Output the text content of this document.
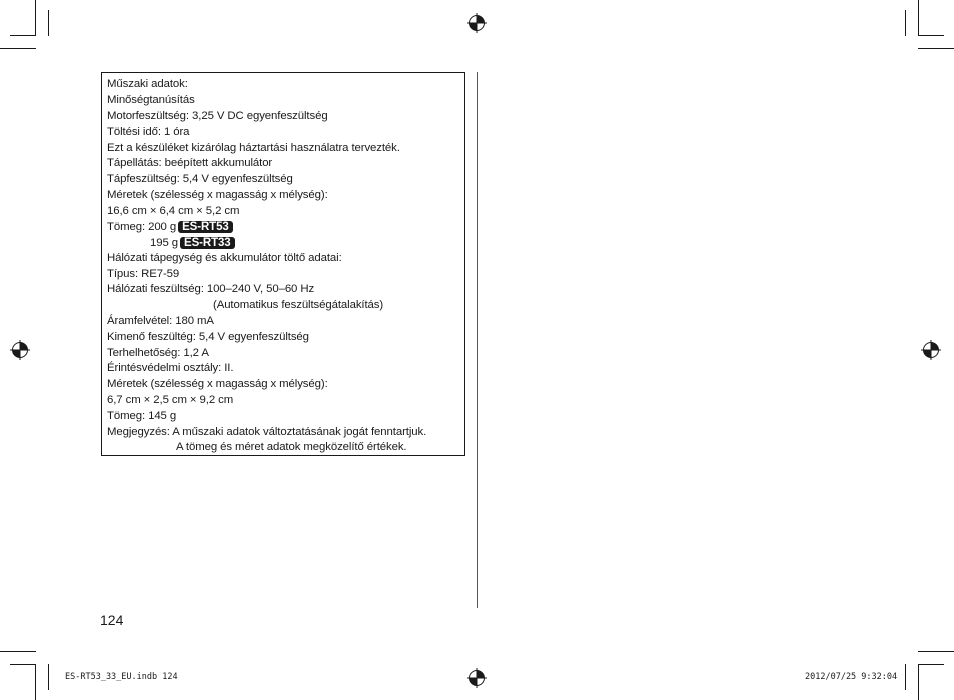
Műszaki adatok:
Minőségtanúsítás
Motorfeszültség: 3,25 V DC egyenfeszültség
Töltési idő: 1 óra
Ezt a készüléket kizárólag háztartási használatra tervezték.
Tápellátás: beépített akkumulátor
Tápfeszültség: 5,4 V egyenfeszültség
Méretek (szélesség x magasság x mélység):
16,6 cm × 6,4 cm × 5,2 cm
Tömeg: 200 g ES-RT53
195 g ES-RT33
Hálózati tápegység és akkumulátor töltő adatai:
Típus: RE7-59
Hálózati feszültség: 100–240 V, 50–60 Hz
(Automatikus feszültségátalakítás)
Áramfelvétel: 180 mA
Kimenő feszültég: 5,4 V egyenfeszültség
Terhelhetőség: 1,2 A
Érintésvédelmi osztály: II.
Méretek (szélesség x magasság x mélység):
6,7 cm × 2,5 cm × 9,2 cm
Tömeg: 145 g
Megjegyzés: A műszaki adatok változtatásának jogát fenntartjuk.
A tömeg és méret adatok megközelítő értékek.
124
ES-RT53_33_EU.indb 124	2012/07/25 9:32:04
